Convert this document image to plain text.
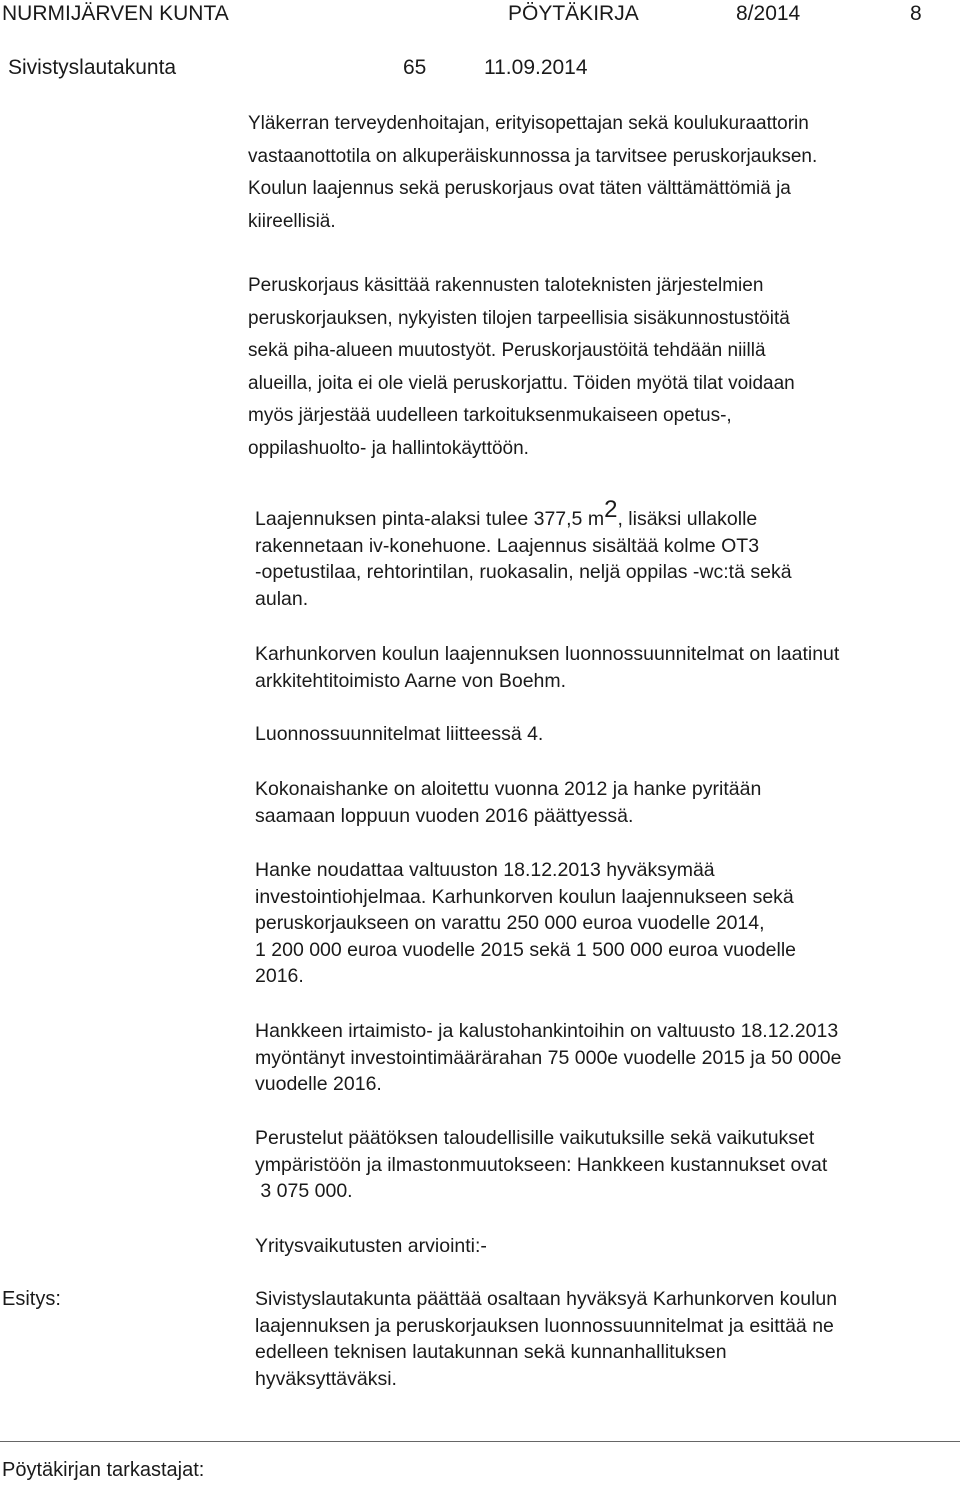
NURMIJÄRVEN KUNTA	PÖYTÄKIRJA	8/2014	8
Sivistyslautakunta	65	11.09.2014

Yläkerran terveydenhoitajan, erityisopettajan sekä koulukuraattorin
vastaanottotila on alkuperäiskunnossa ja tarvitsee peruskorjauksen.
Koulun laajennus sekä peruskorjaus ovat täten välttämättömiä ja
kiireellisiä.

Peruskorjaus käsittää rakennusten taloteknisten järjestelmien
peruskorjauksen, nykyisten tilojen tarpeellisia sisäkunnostustöitä
sekä piha-alueen muutostyöt. Peruskorjaustöitä tehdään niillä
alueilla, joita ei ole vielä peruskorjattu. Töiden myötä tilat voidaan
myös järjestää uudelleen tarkoituksenmukaiseen opetus-,
oppilashuolto- ja hallintokäyttöön.

Laajennuksen pinta-alaksi tulee 377,5 m2, lisäksi ullakolle
rakennetaan iv-konehuone. Laajennus sisältää kolme OT3
-opetustilaa, rehtorintilan, ruokasalin, neljä oppilas -wc:tä sekä
aulan.

Karhunkorven koulun laajennuksen luonnossuunnitelmat on laatinut
arkkitehtitoimisto Aarne von Boehm.

Luonnossuunnitelmat liitteessä 4.

Kokonaishanke on aloitettu vuonna 2012 ja hanke pyritään
saamaan loppuun vuoden 2016 päättyessä.

Hanke noudattaa valtuuston 18.12.2013 hyväksymää
investointiohjelmaa. Karhunkorven koulun laajennukseen sekä
peruskorjaukseen on varattu 250 000 euroa vuodelle 2014,
1 200 000 euroa vuodelle 2015 sekä 1 500 000 euroa vuodelle
2016.

Hankkeen irtaimisto- ja kalustohankintoihin on valtuusto 18.12.2013
myöntänyt investointimäärärahan 75 000e vuodelle 2015 ja 50 000e
vuodelle 2016.

Perustelut päätöksen taloudellisille vaikutuksille sekä vaikutukset
ympäristöön ja ilmastonmuutokseen: Hankkeen kustannukset ovat
3 075 000.

Yritysvaikutusten arviointi:-

Esitys:	Sivistyslautakunta päättää osaltaan hyväksyä Karhunkorven koulun
laajennuksen ja peruskorjauksen luonnossuunnitelmat ja esittää ne
edelleen teknisen lautakunnan sekä kunnanhallituksen
hyväksyttäväksi.

Pöytäkirjan tarkastajat:
